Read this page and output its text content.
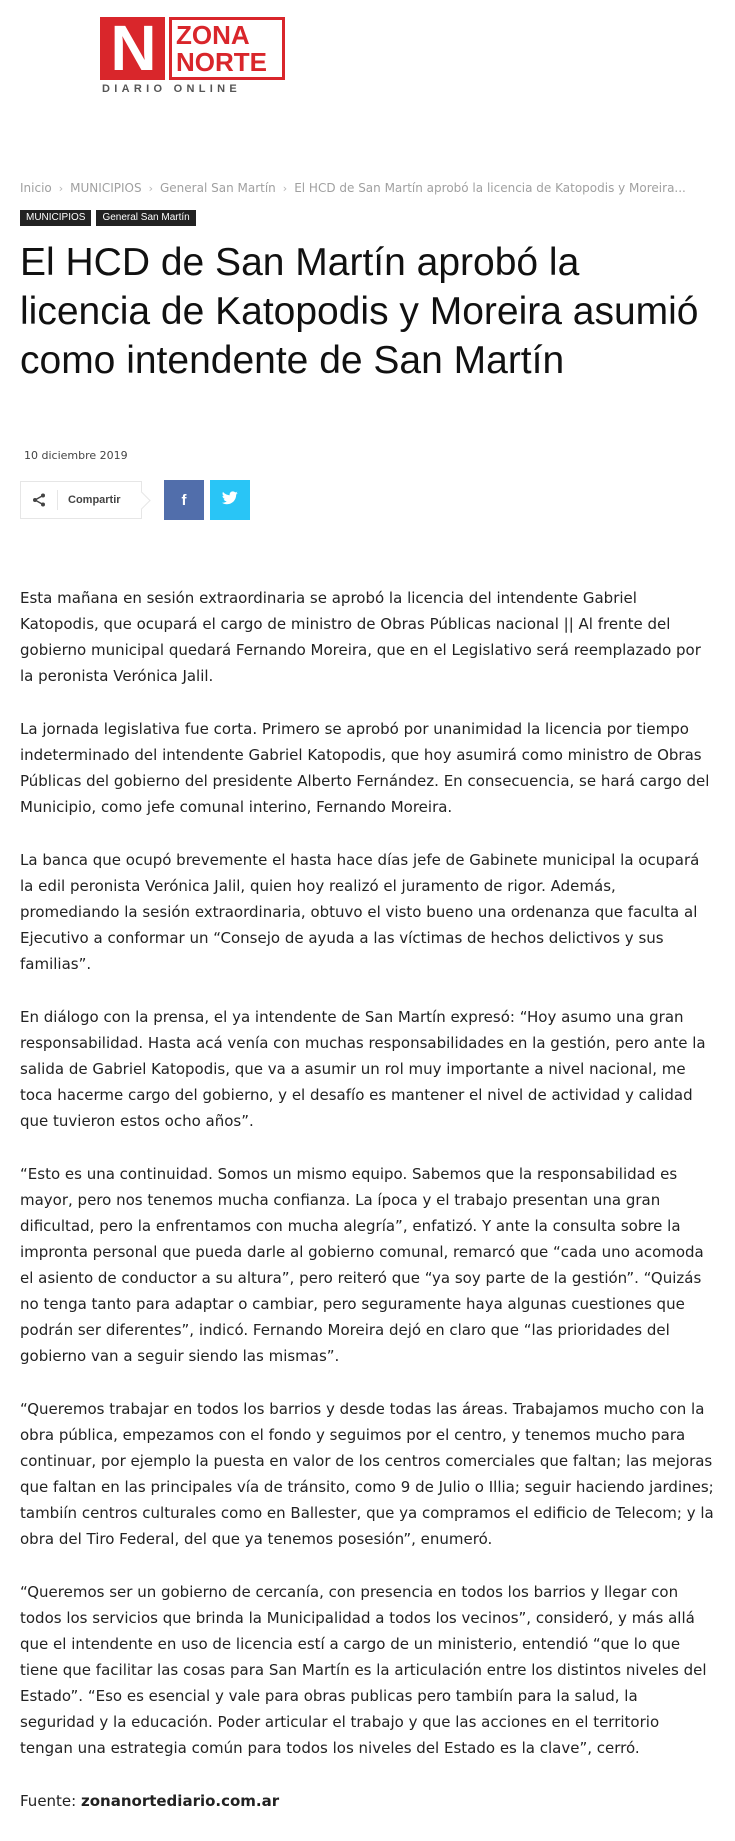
N ZONA
NORTE
DIARIO ONLINE
Inicio › MUNICIPIOS › General San Martín › El HCD de San Martín aprobó la licencia de Katopodis y Moreira...
MUNICIPIOS	General San Martín
El HCD de San Martín aprobó la licencia de Katopodis y Moreira asumió como intendente de San Martín
10 diciembre 2019
Compartir	f

Esta mañana en sesión extraordinaria se aprobó la licencia del intendente Gabriel Katopodis, que ocupará el cargo de ministro de Obras Públicas nacional || Al frente del gobierno municipal quedará Fernando Moreira, que en el Legislativo será reemplazado por la peronista Verónica Jalil.

La jornada legislativa fue corta. Primero se aprobó por unanimidad la licencia por tiempo indeterminado del intendente Gabriel Katopodis, que hoy asumirá como ministro de Obras Públicas del gobierno del presidente Alberto Fernández. En consecuencia, se hará cargo del Municipio, como jefe comunal interino, Fernando Moreira.

La banca que ocupó brevemente el hasta hace días jefe de Gabinete municipal la ocupará la edil peronista Verónica Jalil, quien hoy realizó el juramento de rigor. Además, promediando la sesión extraordinaria, obtuvo el visto bueno una ordenanza que faculta al Ejecutivo a conformar un “Consejo de ayuda a las víctimas de hechos delictivos y sus familias”.

En diálogo con la prensa, el ya intendente de San Martín expresó: “Hoy asumo una gran responsabilidad. Hasta acá venía con muchas responsabilidades en la gestión, pero ante la salida de Gabriel Katopodis, que va a asumir un rol muy importante a nivel nacional, me toca hacerme cargo del gobierno, y el desafío es mantener el nivel de actividad y calidad que tuvieron estos ocho años”.

“Esto es una continuidad. Somos un mismo equipo. Sabemos que la responsabilidad es mayor, pero nos tenemos mucha confianza. La ípoca y el trabajo presentan una gran dificultad, pero la enfrentamos con mucha alegría”, enfatizó. Y ante la consulta sobre la impronta personal que pueda darle al gobierno comunal, remarcó que “cada uno acomoda el asiento de conductor a su altura”, pero reiteró que “ya soy parte de la gestión”. “Quizás no tenga tanto para adaptar o cambiar, pero seguramente haya algunas cuestiones que podrán ser diferentes”, indicó. Fernando Moreira dejó en claro que “las prioridades del gobierno van a seguir siendo las mismas”.

“Queremos trabajar en todos los barrios y desde todas las áreas. Trabajamos mucho con la obra pública, empezamos con el fondo y seguimos por el centro, y tenemos mucho para continuar, por ejemplo la puesta en valor de los centros comerciales que faltan; las mejoras que faltan en las principales vía de tránsito, como 9 de Julio o Illia; seguir haciendo jardines; tambiín centros culturales como en Ballester, que ya compramos el edificio de Telecom; y la obra del Tiro Federal, del que ya tenemos posesión”, enumeró.

“Queremos ser un gobierno de cercanía, con presencia en todos los barrios y llegar con todos los servicios que brinda la Municipalidad a todos los vecinos”, consideró, y más allá que el intendente en uso de licencia estí a cargo de un ministerio, entendió “que lo que tiene que facilitar las cosas para San Martín es la articulación entre los distintos niveles del Estado”. “Eso es esencial y vale para obras publicas pero tambiín para la salud, la seguridad y la educación. Poder articular el trabajo y que las acciones en el territorio tengan una estrategia común para todos los niveles del Estado es la clave”, cerró.

Fuente: zonanortediario.com.ar
